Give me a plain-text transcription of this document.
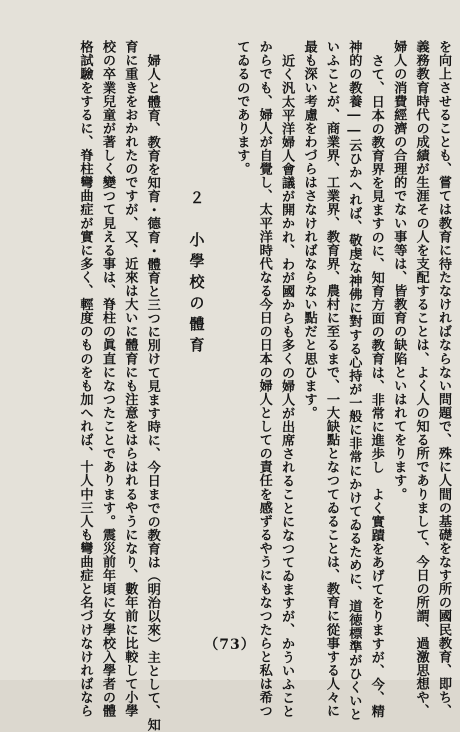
を向上させることも、嘗ては教育に待たなければならない問題で、殊に人間の基礎をなす所の國民教育、即ち、
義務教育時代の成績が生涯その人を支配することは、よく人の知る所でありまして、今日の所謂、過激思想や、
婦人の消費經濟の合理的でない事等は、皆教育の缺陷といはれてをります。
さて、日本の教育界を見ますのに、知育方面の教育は、非常に進歩し　よく實蹟をあげてをりますが、今、精
神的の教養――云ひかへれば、敬虔な神佛に對する心持が一般に非常にかけてゐるために、道徳標準がひくいと
いふことが、商業界、工業界、教育界、農村に至るまで、一大缺點となつてゐることは、教育に從事する人々に
最も深い考慮をわづらはさなければならない點だと思ひます。
近く汎太平洋婦人會議が開かれ、わが國からも多くの婦人が出席されることになつてゐますが、かういふこと
からでも、婦人が自覺し、太平洋時代なる今日の日本の婦人としての責任を感ずるやうにもなつたらと私は希つ
てゐるのであります。
２　小學校の體育
婦人と體育、教育を知育・德育・體育と三つに別けて見ます時に、今日までの教育は（明治以來）主として、知
育に重きをおかれたのですが、又、近來は大いに體育にも注意をはらはれるやうになり、數年前に比較して小學
校の卒業兒童が著しく變つて見える事は、脊柱の眞直になつたことであります。震災前年頃に女學校入學者の體
格試驗をするに、脊柱彎曲症が實に多く、輕度のものをも加へれば、十人中三人も彎曲症と名づけなければなら	（73）
